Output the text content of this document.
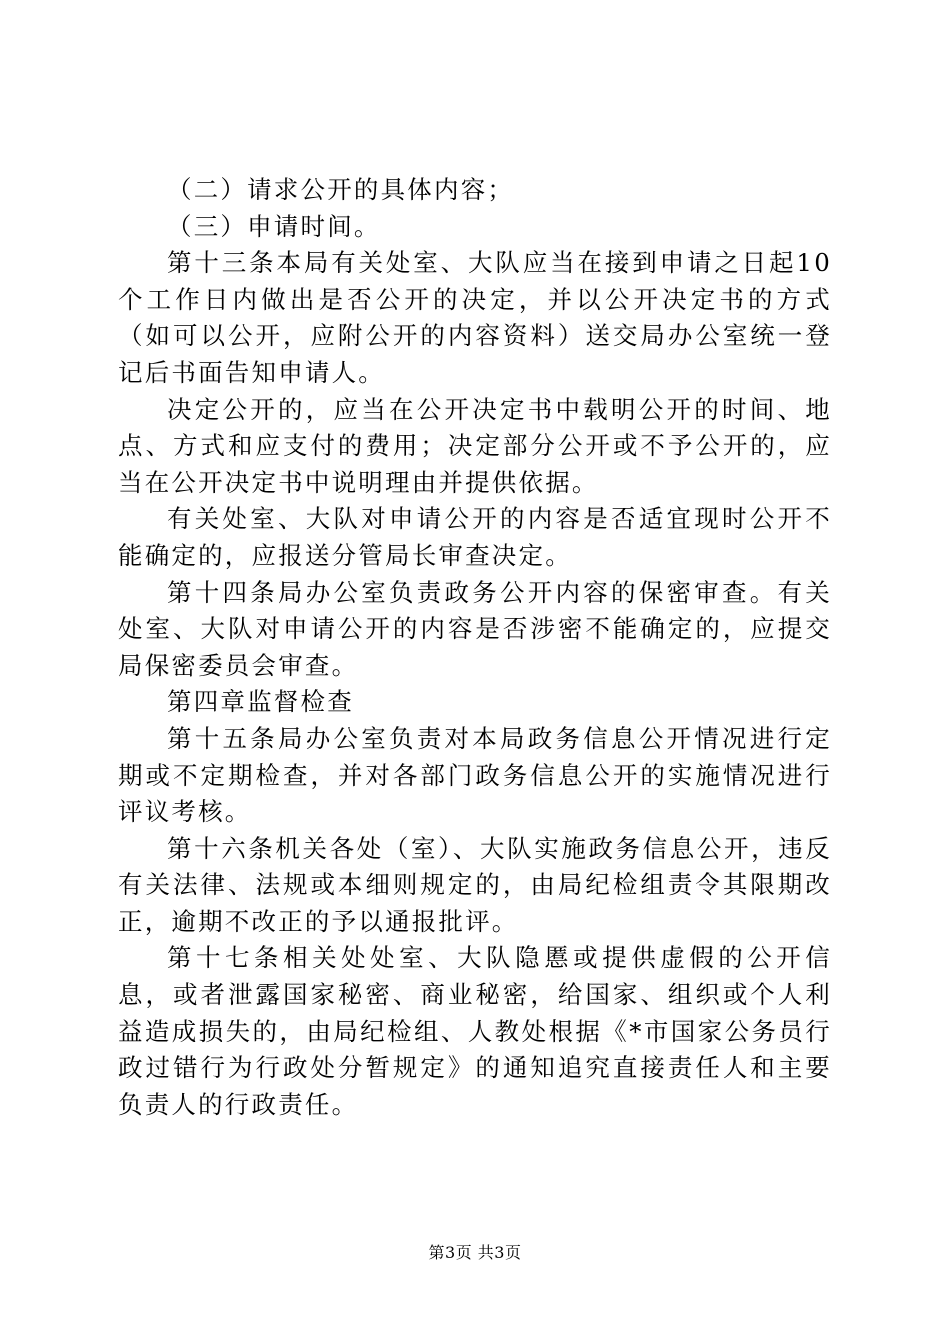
（二）请求公开的具体内容；

（三）申请时间。

第十三条本局有关处室、大队应当在接到申请之日起10个工作日内做出是否公开的决定，并以公开决定书的方式（如可以公开，应附公开的内容资料）送交局办公室统一登记后书面告知申请人。

决定公开的，应当在公开决定书中载明公开的时间、地点、方式和应支付的费用；决定部分公开或不予公开的，应当在公开决定书中说明理由并提供依据。

有关处室、大队对申请公开的内容是否适宜现时公开不能确定的，应报送分管局长审查决定。

第十四条局办公室负责政务公开内容的保密审查。有关处室、大队对申请公开的内容是否涉密不能确定的，应提交局保密委员会审查。

第四章监督检查

第十五条局办公室负责对本局政务信息公开情况进行定期或不定期检查，并对各部门政务信息公开的实施情况进行评议考核。

第十六条机关各处（室）、大队实施政务信息公开，违反有关法律、法规或本细则规定的，由局纪检组责令其限期改正，逾期不改正的予以通报批评。

第十七条相关处处室、大队隐慝或提供虚假的公开信息，或者泄露国家秘密、商业秘密，给国家、组织或个人利益造成损失的，由局纪检组、人教处根据《*市国家公务员行政过错行为行政处分暂规定》的通知追究直接责任人和主要负责人的行政责任。

第3页 共3页
